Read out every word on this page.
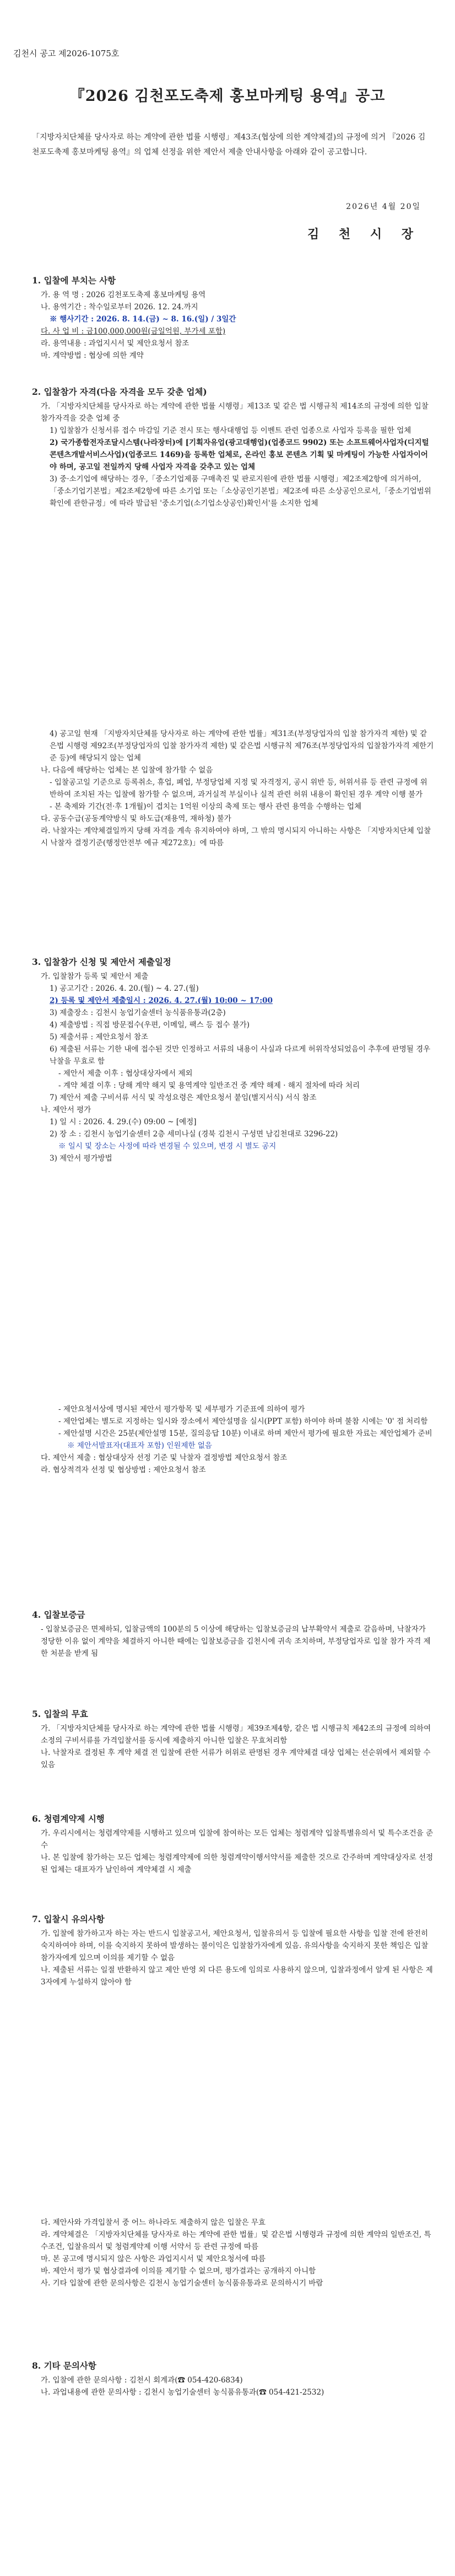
김천시 공고 제2026-1075호
『2026 김천포도축제 홍보마케팅 용역』공고
「지방자치단체를 당사자로 하는 계약에 관한 법률 시행령」제43조(협상에 의한 계약체결)의 규정에 의거 『2026 김천포도축제 홍보마케팅 용역』의 업체 선정을 위한 제안서 제출 안내사항을 아래와 같이 공고합니다.
2026년 4월 20일
김 천 시 장
1. 입찰에 부치는 사항
가. 용 역 명 : 2026 김천포도축제 홍보마케팅 용역
나. 용역기간 : 착수일로부터 2026. 12. 24.까지
※ 행사기간 : 2026. 8. 14.(금) ~ 8. 16.(일) / 3일간
다. 사 업 비 : 금100,000,000원(금일억원, 부가세 포함)
라. 용역내용 : 과업지시서 및 제안요청서 참조
마. 계약방법 : 협상에 의한 계약
2. 입찰참가 자격(다음 자격을 모두 갖춘 업체)
가. 「지방자치단체를 당사자로 하는 계약에 관한 법률 시행령」제13조 및 같은 법 시행규칙 제14조의 규정에 의한 입찰 참가자격을 갖춘 업체 중
1) 입찰참가 신청서류 접수 마감일 기준 전시 또는 행사대행업 등 이벤트 관련 업종으로 사업자 등록을 필한 업체
2) 국가종합전자조달시스템(나라장터)에 [기획자유업(광고대행업)(업종코드 9902) 또는 소프트웨어사업자(디지털콘텐츠개발서비스사업)(업종코드 1469)을 등록한 업체로, 온라인 홍보 콘텐츠 기획 및 마케팅이 가능한 사업자이어야 하며, 공고일 전일까지 당해 사업자 자격을 갖추고 있는 업체
3) 중·소기업에 해당하는 경우,「중소기업제품 구매촉진 및 판로지원에 관한 법률 시행령」제2조제2항에 의거하여,「중소기업기본법」제2조제2항에 따른 소기업 또는「소상공인기본법」제2조에 따른 소상공인으로서,「중소기업범위확인에 관한규정」에 따라 발급된 '중소기업(소기업소상공인)확인서'를 소지한 업체
4) 공고일 현재 「지방자치단체를 당사자로 하는 계약에 관한 법률」제31조(부정당업자의 입찰 참가자격 제한) 및 같은법 시행령 제92조(부정당업자의 입찰 참가자격 제한) 및 같은법 시행규칙 제76조(부정당업자의 입찰참가자격 제한기준 등)에 해당되지 않는 업체
나. 다음에 해당하는 업체는 본 입찰에 참가할 수 없음
- 입찰공고일 기준으로 등록취소, 휴업, 폐업, 부정당업체 지정 및 자격정지, 공시 위반 등, 허위서류 등 관련 규정에 위반하여 조치된 자는 입찰에 참가할 수 없으며, 과거실적 부실이나 실적 관련 허위 내용이 확인된 경우 계약 이행 불가
- 본 축제와 기간(전·후 1개월)이 겹치는 1억원 이상의 축제 또는 행사 관련 용역을 수행하는 업체
다. 공동수급(공동계약방식 및 하도급(재용역, 재하청) 불가
라. 낙찰자는 계약체결일까지 당해 자격을 계속 유지하여야 하며, 그 밖의 명시되지 아니하는 사항은 「지방자치단체 입찰시 낙찰자 결정기준(행정안전부 예규 제272호)」에 따름
3. 입찰참가 신청 및 제안서 제출일정
가. 입찰참가 등록 및 제안서 제출
1) 공고기간 : 2026. 4. 20.(월) ~ 4. 27.(월)
2) 등록 및 제안서 제출일시 : 2026. 4. 27.(월) 10:00 ~ 17:00
3) 제출장소 : 김천시 농업기술센터 농식품유통과(2층)
4) 제출방법 : 직접 방문접수(우편, 이메일, 팩스 등 접수 불가)
5) 제출서류 : 제안요청서 참조
6) 제출된 서류는 기한 내에 접수된 것만 인정하고 서류의 내용이 사실과 다르게 허위작성되었음이 추후에 판명될 경우 낙찰을 무효로 함
- 제안서 제출 이후 : 협상대상자에서 제외
- 계약 체결 이후 : 당해 계약 해지 및 용역계약 일반조건 중 계약 해제 · 해지 절차에 따라 처리
7) 제안서 제출 구비서류 서식 및 작성요령은 제안요청서 붙임(별지서식) 서식 참조
나. 제안서 평가
1) 일 시 : 2026. 4. 29.(수) 09:00 ~ [예정]
2) 장 소 : 김천시 농업기술센터 2층 세미나실 (경북 김천시 구성면 남김천대로 3296-22)
※ 일시 및 장소는 사정에 따라 변경될 수 있으며, 변경 시 별도 공지
3) 제안서 평가방법
- 제안요청서상에 명시된 제안서 평가항목 및 세부평가 기준표에 의하여 평가
- 제안업체는 별도로 지정하는 일시와 장소에서 제안설명을 실시(PPT 포함) 하여야 하며 불참 시에는 '0' 점 처리함
- 제안설명 시간은 25분(제안설명 15분, 질의응답 10분) 이내로 하며 제안서 평가에 필요한 자료는 제안업체가 준비
※ 제안서발표자(대표자 포함) 인원제한 없음
다. 제안서 제출 : 협상대상자 선정 기준 및 낙찰자 결정방법 제안요청서 참조
라. 협상적격자 선정 및 협상방법 : 제안요청서 참조
4. 입찰보증금
- 입찰보증금은 면제하되, 입찰금액의 100분의 5 이상에 해당하는 입찰보증금의 납부확약서 제출로 갈음하며, 낙찰자가 정당한 이유 없이 계약을 체결하지 아니한 때에는 입찰보증금을 김천시에 귀속 조치하며, 부정당업자로 입찰 참가 자격 제한 처분을 받게 됨
5. 입찰의 무효
가. 「지방자치단체를 당사자로 하는 계약에 관한 법률 시행령」제39조제4항, 같은 법 시행규칙 제42조의 규정에 의하여 소정의 구비서류를 가격입찰서를 동시에 제출하지 아니한 입찰은 무효처리함
나. 낙찰자로 결정된 후 계약 체결 전 입찰에 관한 서류가 허위로 판명된 경우 계약체결 대상 업체는 선순위에서 제외할 수 있음
6. 청렴계약제 시행
가. 우리시에서는 청렴계약제를 시행하고 있으며 입찰에 참여하는 모든 업체는 청렴계약 입찰특별유의서 및 특수조건을 준수
나. 본 입찰에 참가하는 모든 업체는 청렴계약제에 의한 청렴계약이행서약서를 제출한 것으로 간주하며 계약대상자로 선정된 업체는 대표자가 날인하여 계약체결 시 제출
7. 입찰시 유의사항
가. 입찰에 참가하고자 하는 자는 반드시 입찰공고서, 제안요청서, 입찰유의서 등 입찰에 필요한 사항을 입찰 전에 완전히 숙지하여야 하며, 이를 숙지하지 못하여 발생하는 불이익은 입찰참가자에게 있음. 유의사항을 숙지하지 못한 책임은 입찰 참가자에게 있으며 이의를 제기할 수 없음
나. 제출된 서류는 일절 반환하지 않고 제안 반영 외 다른 용도에 임의로 사용하지 않으며, 입찰과정에서 알게 된 사항은 제3자에게 누설하지 않아야 함
다. 제안사와 가격입찰서 중 어느 하나라도 제출하지 않은 입찰은 무효
라. 계약체결은 「지방자치단체를 당사자로 하는 계약에 관한 법률」및 같은법 시행령과 규정에 의한 계약의 일반조건, 특수조건, 입찰유의서 및 청렴계약제 이행 서약서 등 관련 규정에 따름
마. 본 공고에 명시되지 않은 사항은 과업지시서 및 제안요청서에 따름
바. 제안서 평가 및 협상결과에 이의를 제기할 수 없으며, 평가결과는 공개하지 아니함
사. 기타 입찰에 관한 문의사항은 김천시 농업기술센터 농식품유통과로 문의하시기 바람
8. 기타 문의사항
가. 입찰에 관한 문의사항 : 김천시 회계과(☎ 054-420-6834)
나. 과업내용에 관한 문의사항 : 김천시 농업기술센터 농식품유통과(☎ 054-421-2532)
